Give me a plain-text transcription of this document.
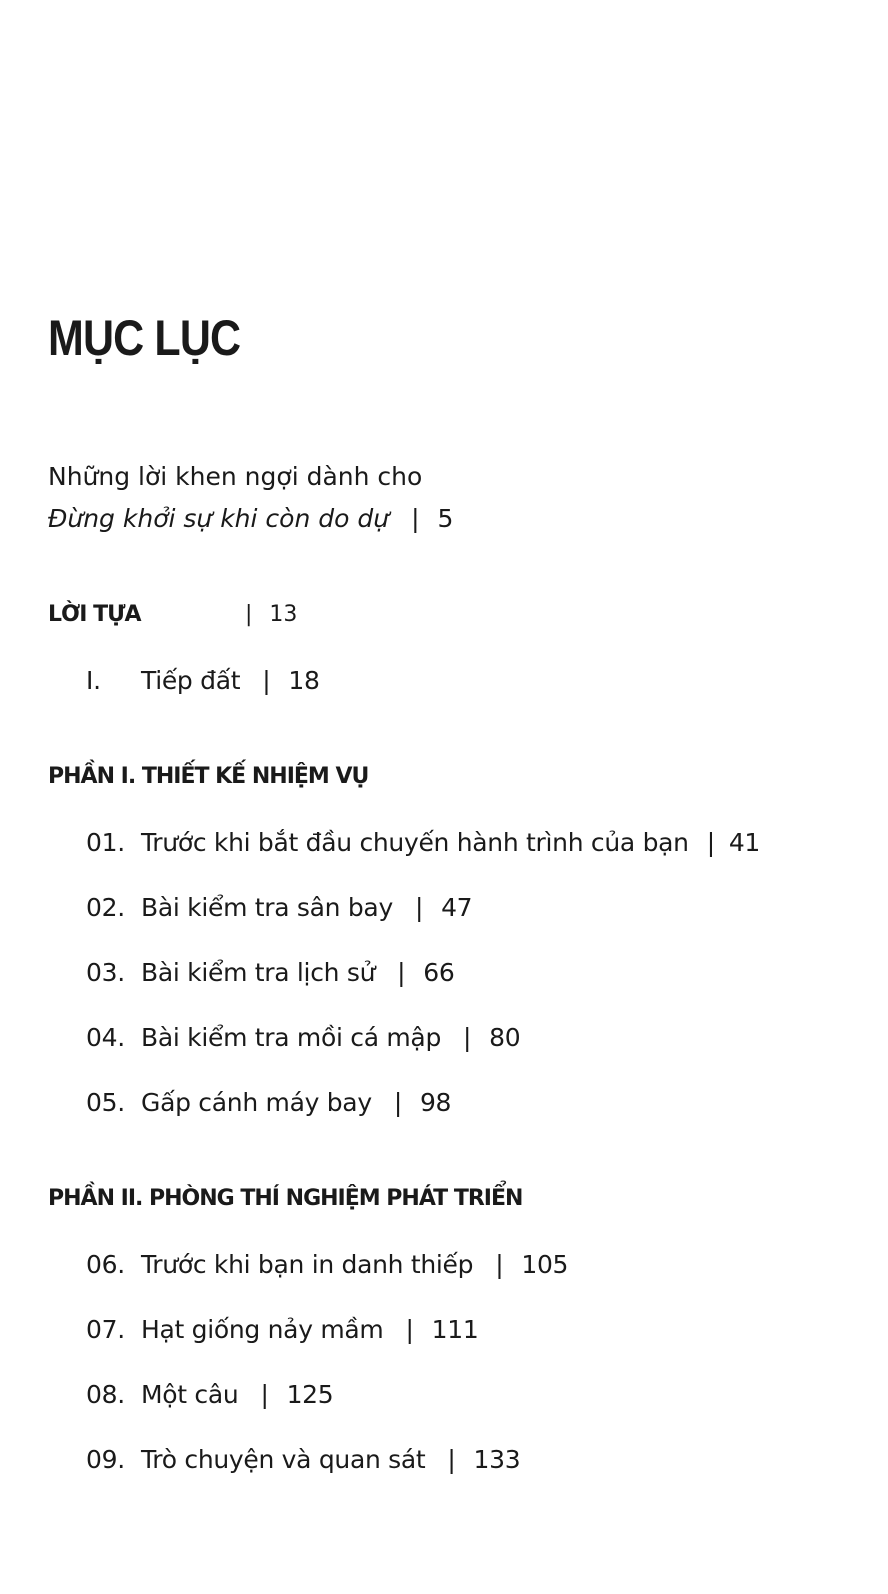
MỤC LỤC
Những lời khen ngợi dành cho
Đừng khởi sự khi còn do dự | 5
LỜI TỰA	| 13
I. Tiếp đất | 18
PHẦN I. THIẾT KẾ NHIỆM VỤ
01. Trước khi bắt đầu chuyến hành trình của bạn | 41
02. Bài kiểm tra sân bay | 47
03. Bài kiểm tra lịch sử | 66
04. Bài kiểm tra mồi cá mập | 80
05. Gấp cánh máy bay | 98
PHẦN II. PHÒNG THÍ NGHIỆM PHÁT TRIỂN
06. Trước khi bạn in danh thiếp | 105
07. Hạt giống nảy mầm | 111
08. Một câu | 125
09. Trò chuyện và quan sát | 133
